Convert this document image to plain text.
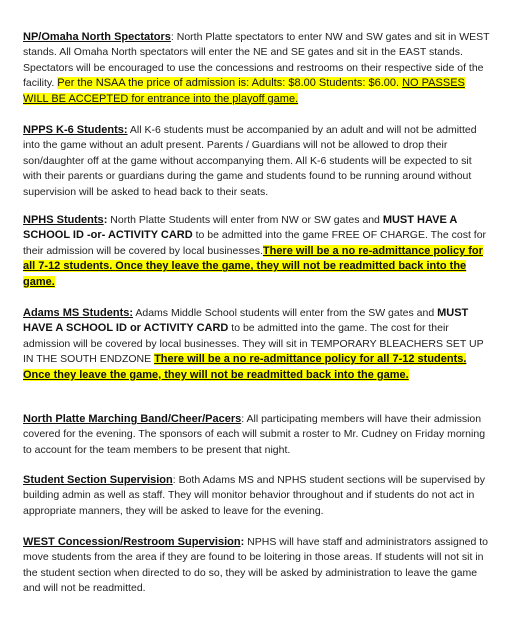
NP/Omaha North Spectators: North Platte spectators to enter NW and SW gates and sit in WEST stands. All Omaha North spectators will enter the NE and SE gates and sit in the EAST stands. Spectators will be encouraged to use the concessions and restrooms on their respective side of the facility. Per the NSAA the price of admission is: Adults: $8.00 Students: $6.00. NO PASSES WILL BE ACCEPTED for entrance into the playoff game.

NPPS K-6 Students: All K-6 students must be accompanied by an adult and will not be admitted into the game without an adult present. Parents / Guardians will not be allowed to drop their son/daughter off at the game without accompanying them. All K-6 students will be expected to sit with their parents or guardians during the game and students found to be running around without supervision will be asked to head back to their seats.

NPHS Students: North Platte Students will enter from NW or SW gates and MUST HAVE A SCHOOL ID -or- ACTIVITY CARD to be admitted into the game FREE OF CHARGE. The cost for their admission will be covered by local businesses.There will be a no re-admittance policy for all 7-12 students. Once they leave the game, they will not be readmitted back into the game.

Adams MS Students: Adams Middle School students will enter from the SW gates and MUST HAVE A SCHOOL ID or ACTIVITY CARD to be admitted into the game. The cost for their admission will be covered by local businesses. They will sit in TEMPORARY BLEACHERS SET UP IN THE SOUTH ENDZONE There will be a no re-admittance policy for all 7-12 students. Once they leave the game, they will not be readmitted back into the game.

North Platte Marching Band/Cheer/Pacers: All participating members will have their admission covered for the evening. The sponsors of each will submit a roster to Mr. Cudney on Friday morning to account for the team members to be present that night.

Student Section Supervision: Both Adams MS and NPHS student sections will be supervised by building admin as well as staff. They will monitor behavior throughout and if students do not act in appropriate manners, they will be asked to leave for the evening.

WEST Concession/Restroom Supervision: NPHS will have staff and administrators assigned to move students from the area if they are found to be loitering in those areas. If students will not sit in the student section when directed to do so, they will be asked by administration to leave the game and will not be readmitted.
